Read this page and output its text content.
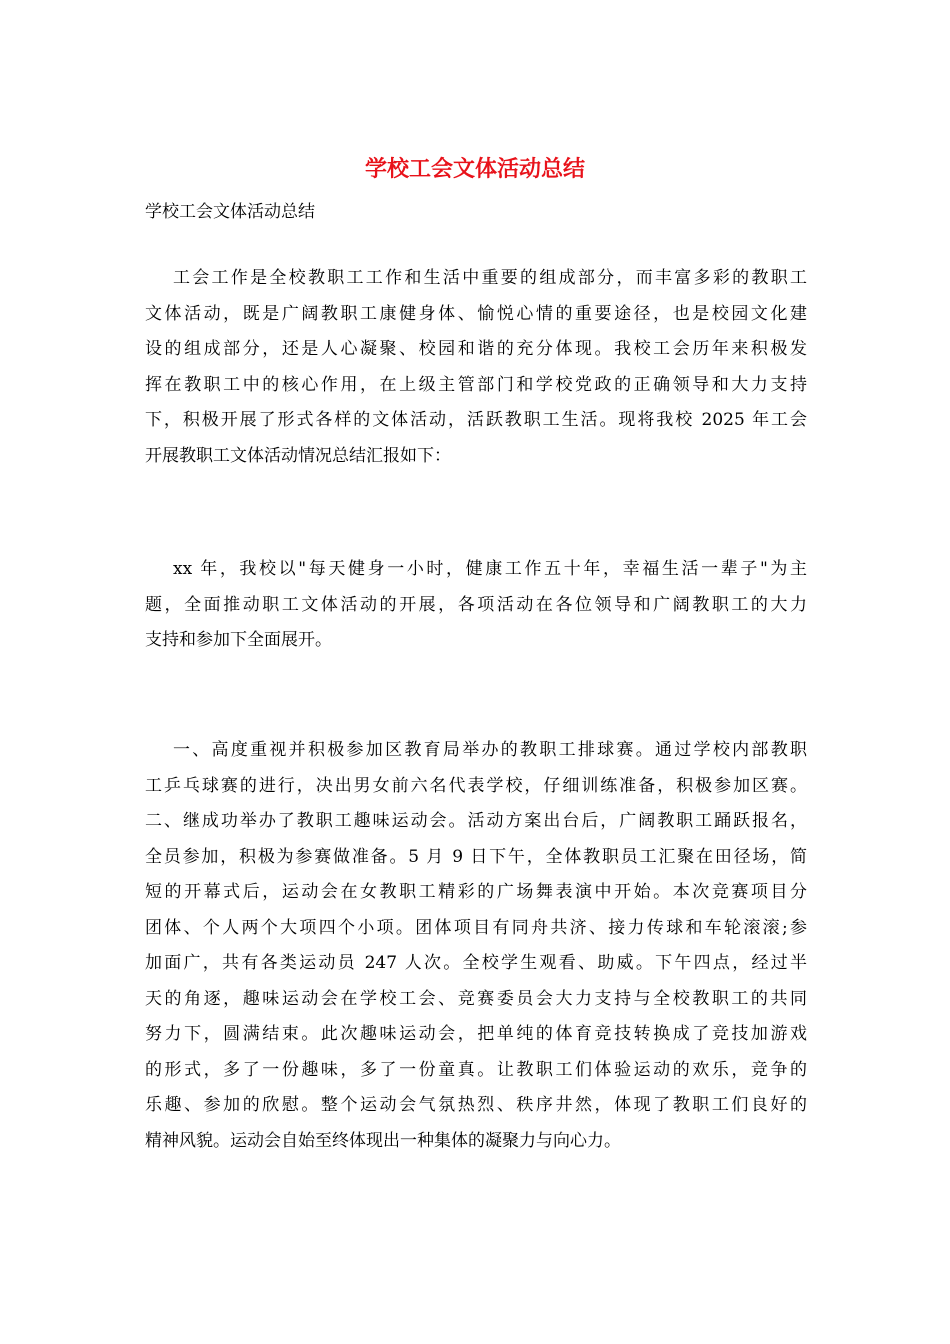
学校工会文体活动总结

学校工会文体活动总结

工会工作是全校教职工工作和生活中重要的组成部分，而丰富多彩的教职工
文体活动，既是广阔教职工康健身体、愉悦心情的重要途径，也是校园文化建
设的组成部分，还是人心凝聚、校园和谐的充分体现。我校工会历年来积极发
挥在教职工中的核心作用，在上级主管部门和学校党政的正确领导和大力支持
下，积极开展了形式各样的文体活动，活跃教职工生活。现将我校 2025 年工会
开展教职工文体活动情况总结汇报如下：
xx 年，我校以"每天健身一小时，健康工作五十年，幸福生活一辈子"为主
题，全面推动职工文体活动的开展，各项活动在各位领导和广阔教职工的大力
支持和参加下全面展开。
一、高度重视并积极参加区教育局举办的教职工排球赛。通过学校内部教职
工乒乓球赛的进行，决出男女前六名代表学校，仔细训练准备，积极参加区赛。
二、继成功举办了教职工趣味运动会。活动方案出台后，广阔教职工踊跃报名，
全员参加，积极为参赛做准备。5 月 9 日下午，全体教职员工汇聚在田径场，简
短的开幕式后，运动会在女教职工精彩的广场舞表演中开始。本次竞赛项目分
团体、个人两个大项四个小项。团体项目有同舟共济、接力传球和车轮滚滚;参
加面广，共有各类运动员 247 人次。全校学生观看、助威。下午四点，经过半
天的角逐，趣味运动会在学校工会、竞赛委员会大力支持与全校教职工的共同
努力下，圆满结束。此次趣味运动会，把单纯的体育竞技转换成了竞技加游戏
的形式，多了一份趣味，多了一份童真。让教职工们体验运动的欢乐，竞争的
乐趣、参加的欣慰。整个运动会气氛热烈、秩序井然，体现了教职工们良好的
精神风貌。运动会自始至终体现出一种集体的凝聚力与向心力。
